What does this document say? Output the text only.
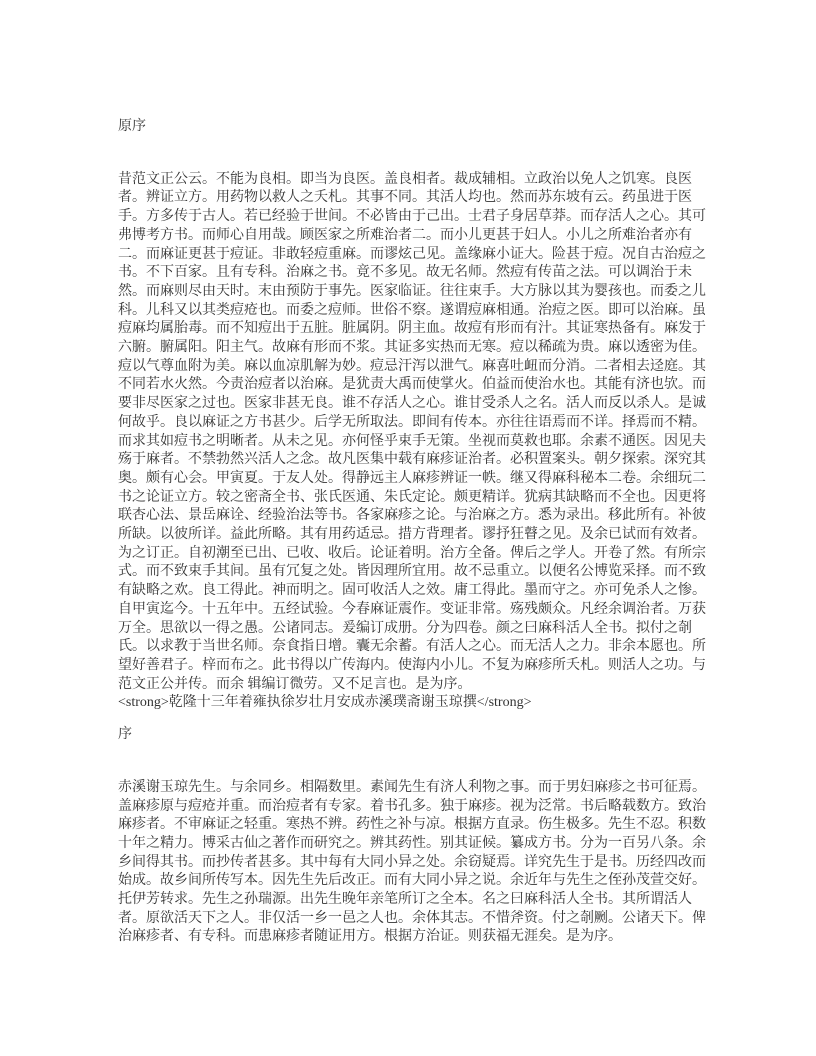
原序

昔范文正公云。不能为良相。即当为良医。盖良相者。裁成辅相。立政治以免人之饥寒。良医者。辨证立方。用药物以救人之夭札。其事不同。其活人均也。然而苏东坡有云。药虽进于医手。方多传于古人。若已经验于世间。不必皆由于己出。士君子身居草莽。而存活人之心。其可弗博考方书。而师心自用哉。顾医家之所难治者二。而小儿更甚于妇人。小儿之所难治者亦有二。而麻证更甚于痘证。非敢轻痘重麻。而谬炫己见。盖缘麻小证大。险甚于痘。况自古治痘之书。不下百家。且有专科。治麻之书。竟不多见。故无名师。然痘有传苗之法。可以调治于未然。而麻则尽由天时。末由预防于事先。医家临证。往往束手。大方脉以其为婴孩也。而委之儿科。儿科又以其类痘疮也。而委之痘师。世俗不察。遂谓痘麻相通。治痘之医。即可以治麻。虽痘麻均属胎毒。而不知痘出于五脏。脏属阴。阴主血。故痘有形而有汁。其证寒热备有。麻发于六腑。腑属阳。阳主气。故麻有形而不浆。其证多实热而无寒。痘以稀疏为贵。麻以透密为佳。痘以气尊血附为美。麻以血凉肌解为妙。痘忌汗泻以泄气。麻喜吐衄而分消。二者相去迳庭。其不同若水火然。今责治痘者以治麻。是犹责大禹而使掌火。伯益而使治水也。其能有济也欤。而要非尽医家之过也。医家非甚无良。谁不存活人之心。谁甘受杀人之名。活人而反以杀人。是诚何故乎。良以麻证之方书甚少。后学无所取法。即间有传本。亦往往语焉而不详。择焉而不精。而求其如痘书之明晰者。从未之见。亦何怪乎束手无策。坐视而莫救也耶。余素不通医。因见夫殇于麻者。不禁勃然兴活人之念。故凡医集中载有麻疹证治者。必积置案头。朝夕探索。深究其奥。颇有心会。甲寅夏。于友人处。得静远主人麻疹辨证一帙。继又得麻科秘本二卷。余细玩二书之论证立方。较之密斋全书、张氏医通、朱氏定论。颇更精详。犹病其缺略而不全也。因更将联杏心法、景岳麻诠、经验治法等书。各家麻疹之论。与治麻之方。悉为录出。移此所有。补彼所缺。以彼所详。益此所略。其有用药适忌。措方背理者。谬抒狂瞽之见。及余已试而有效者。为之订正。自初潮至已出、已收、收后。论证着明。治方全备。俾后之学人。开卷了然。有所宗式。而不致束手其间。虽有冗复之处。皆因理所宜用。故不忌重立。以便名公博览采择。而不致有缺略之欢。良工得此。神而明之。固可收活人之效。庸工得此。墨而守之。亦可免杀人之惨。自甲寅迄今。十五年中。五经试验。今春麻证震作。变证非常。殇残颇众。凡经余调治者。万获万全。思欲以一得之愚。公诸同志。爰编订成册。分为四卷。颜之曰麻科活人全书。拟付之剞氏。以求教于当世名师。奈食指日增。囊无余蓄。有活人之心。而无活人之力。非余本愿也。所望好善君子。梓而布之。此书得以广传海内。使海内小儿。不复为麻疹所夭札。则活人之功。与范文正公并传。而余 辑编订微劳。又不足言也。是为序。

<strong>乾隆十三年着雍执徐岁壮月安成赤溪璞斋谢玉琼撰</strong>

序

赤溪谢玉琼先生。与余同乡。相隔数里。素闻先生有济人利物之事。而于男妇麻疹之书可征焉。盖麻疹原与痘疮并重。而治痘者有专家。着书孔多。独于麻疹。视为泛常。书后略载数方。致治麻疹者。不审麻证之轻重。寒热不辨。药性之补与凉。根据方直录。伤生极多。先生不忍。积数十年之精力。博采古仙之著作而研究之。辨其药性。别其证候。纂成方书。分为一百另八条。余乡间得其书。而抄传者甚多。其中每有大同小异之处。余窃疑焉。详究先生于是书。历经四改而始成。故乡间所传写本。因先生先后改正。而有大同小异之说。余近年与先生之侄孙茂萱交好。托伊芳转求。先生之孙瑞源。出先生晚年亲笔所订之全本。名之曰麻科活人全书。其所谓活人者。原欲活天下之人。非仅活一乡一邑之人也。余体其志。不惜斧资。付之剞劂。公诸天下。俾治麻疹者、有专科。而患麻疹者随证用方。根据方治证。则获福无涯矣。是为序。
